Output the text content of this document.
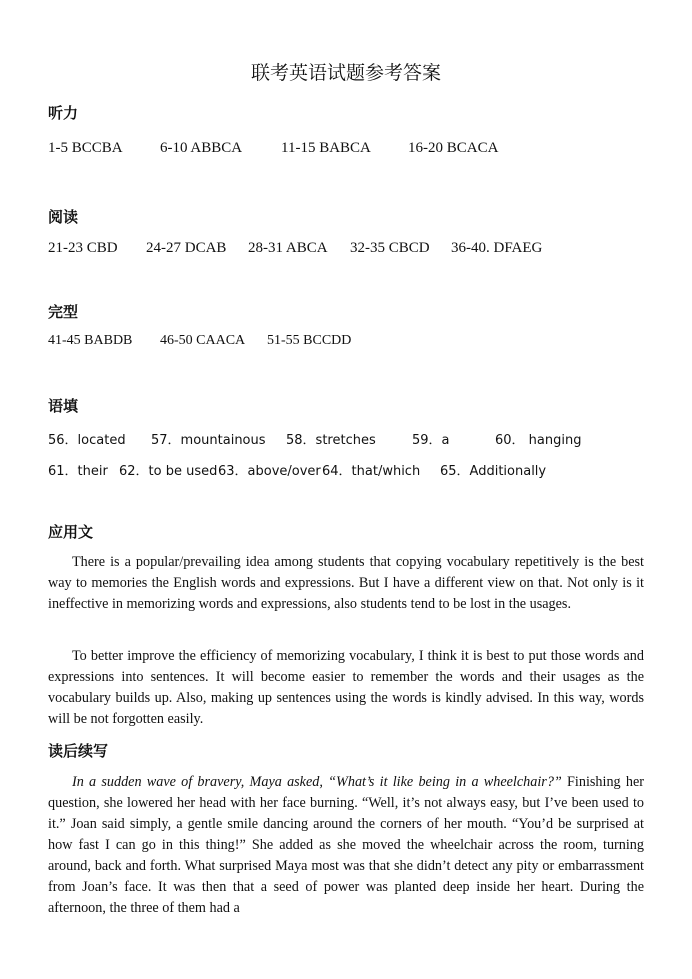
联考英语试题参考答案
听力
1-5 BCCBA 6-10 ABBCA	11-15 BABCA 16-20 BCACA
阅读
21-23 CBD 24-27 DCAB 28-31 ABCA 32-35 CBCD 36-40. DFAEG
完型
41-45 BABDB 46-50 CAACA 51-55 BCCDD
语填
56．located 57．mountainous 58．stretches	59．a	60． hanging
61．their 62．to be used 63．above/over 64．that/which 65．Additionally
应用文

There is a popular/prevailing idea among students that copying vocabulary repetitively is the best way to memories the English words and expressions. But I have a different view on that. Not only is it ineffective in memorizing words and expressions, also students tend to be lost in the usages.

To better improve the efficiency of memorizing vocabulary, I think it is best to put those words and expressions into sentences. It will become easier to remember the words and their usages as the vocabulary builds up. Also, making up sentences using the words is kindly advised. In this way, words will be not forgotten easily.

读后续写

In a sudden wave of bravery, Maya asked, “What’s it like being in a wheelchair?” Finishing her question, she lowered her head with her face burning. “Well, it’s not always easy, but I’ve been used to it.” Joan said simply, a gentle smile dancing around the corners of her mouth. “You’d be surprised at how fast I can go in this thing!” She added as she moved the wheelchair across the room, turning around, back and forth. What surprised Maya most was that she didn’t detect any pity or embarrassment from Joan’s face. It was then that a seed of power was planted deep inside her heart. During the afternoon, the three of them had a
